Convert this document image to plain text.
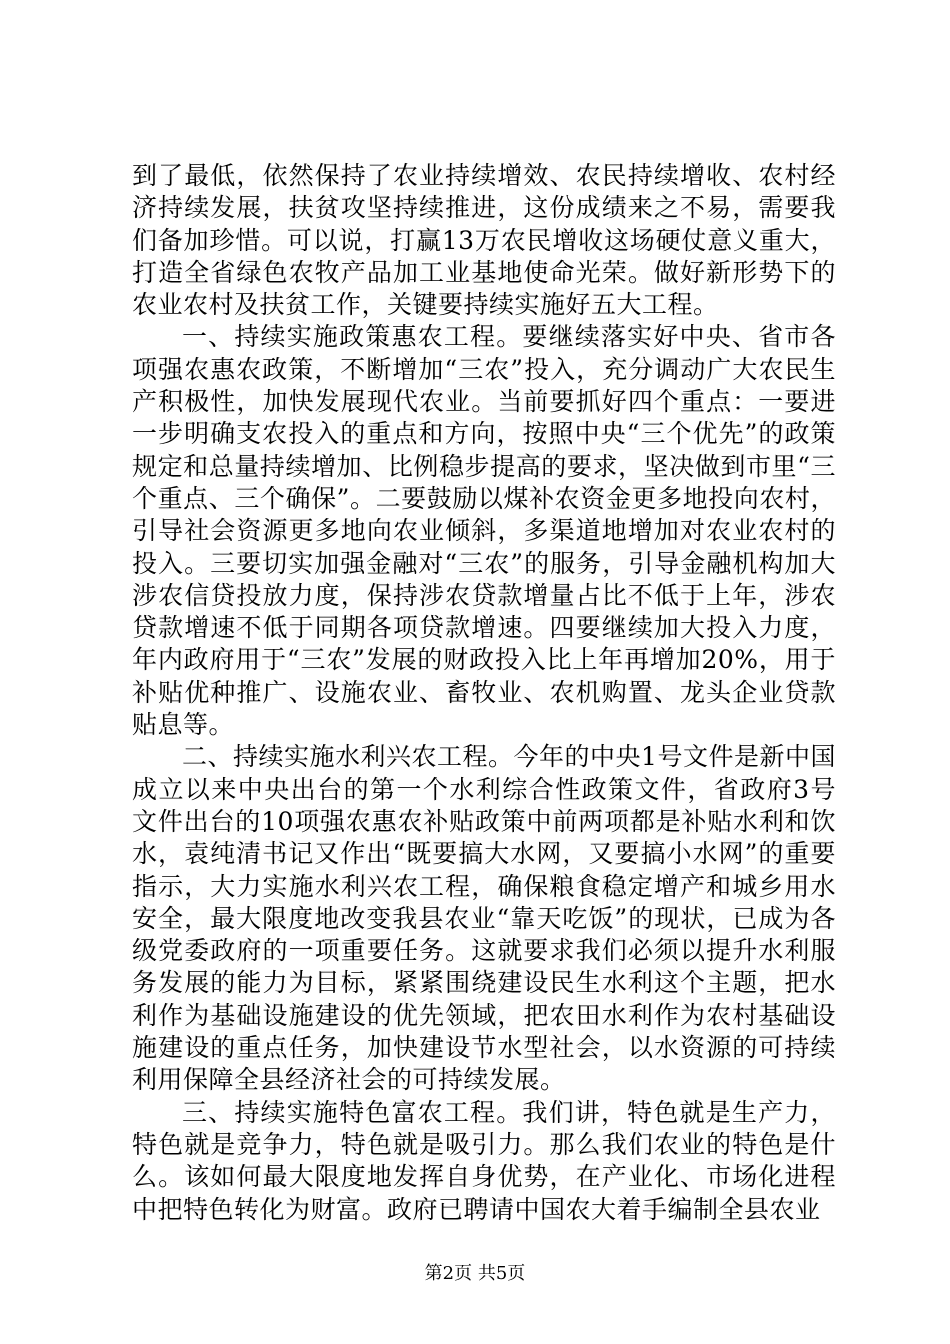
到了最低，依然保持了农业持续增效、农民持续增收、农村经济持续发展，扶贫攻坚持续推进，这份成绩来之不易，需要我们备加珍惜。可以说，打赢13万农民增收这场硬仗意义重大，打造全省绿色农牧产品加工业基地使命光荣。做好新形势下的农业农村及扶贫工作，关键要持续实施好五大工程。

一、持续实施政策惠农工程。要继续落实好中央、省市各项强农惠农政策，不断增加“三农”投入，充分调动广大农民生产积极性，加快发展现代农业。当前要抓好四个重点：一要进一步明确支农投入的重点和方向，按照中央“三个优先”的政策规定和总量持续增加、比例稳步提高的要求，坚决做到市里“三个重点、三个确保”。二要鼓励以煤补农资金更多地投向农村，引导社会资源更多地向农业倾斜，多渠道地增加对农业农村的投入。三要切实加强金融对“三农”的服务，引导金融机构加大涉农信贷投放力度，保持涉农贷款增量占比不低于上年，涉农贷款增速不低于同期各项贷款增速。四要继续加大投入力度，年内政府用于“三农”发展的财政投入比上年再增加20%，用于补贴优种推广、设施农业、畜牧业、农机购置、龙头企业贷款贴息等。

二、持续实施水利兴农工程。今年的中央1号文件是新中国成立以来中央出台的第一个水利综合性政策文件，省政府3号文件出台的10项强农惠农补贴政策中前两项都是补贴水利和饮水，袁纯清书记又作出“既要搞大水网，又要搞小水网”的重要指示，大力实施水利兴农工程，确保粮食稳定增产和城乡用水安全，最大限度地改变我县农业“靠天吃饭”的现状，已成为各级党委政府的一项重要任务。这就要求我们必须以提升水利服务发展的能力为目标，紧紧围绕建设民生水利这个主题，把水利作为基础设施建设的优先领域，把农田水利作为农村基础设施建设的重点任务，加快建设节水型社会，以水资源的可持续利用保障全县经济社会的可持续发展。

三、持续实施特色富农工程。我们讲，特色就是生产力，特色就是竞争力，特色就是吸引力。那么我们农业的特色是什么。该如何最大限度地发挥自身优势，在产业化、市场化进程中把特色转化为财富。政府已聘请中国农大着手编制全县农业

第2页 共5页
